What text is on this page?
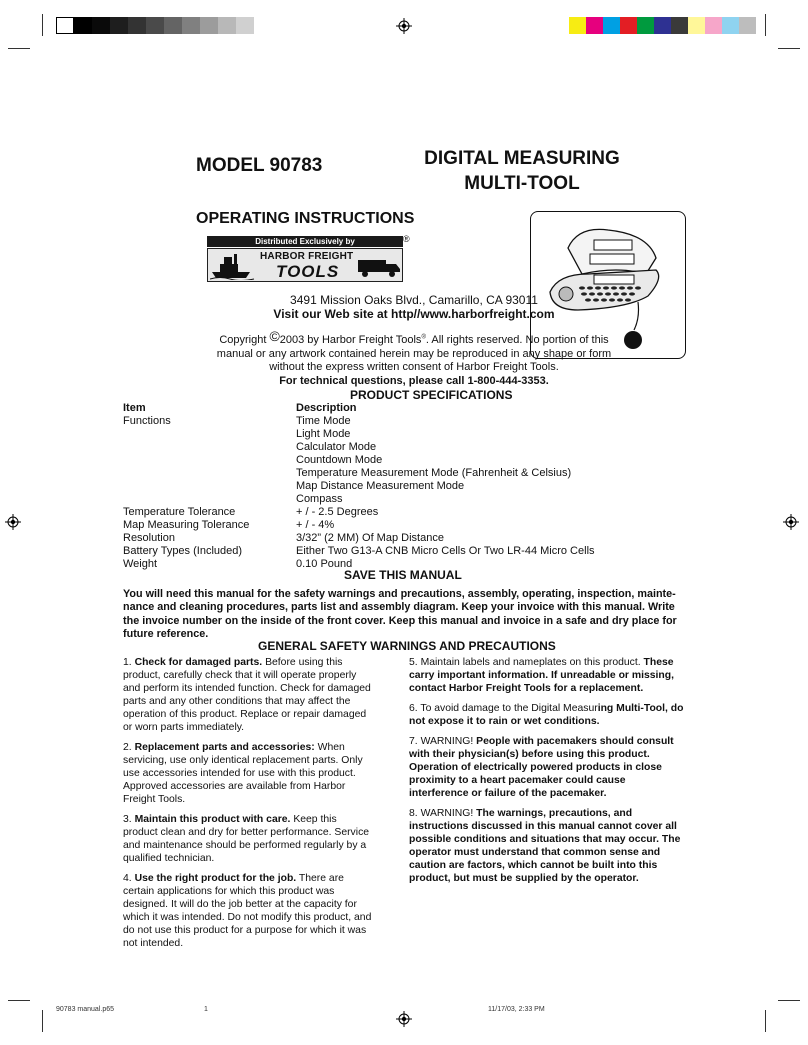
MODEL 90783	DIGITAL MEASURING
MULTI-TOOL
OPERATING INSTRUCTIONS
Distributed Exclusively by
HARBOR FREIGHT
TOOLS
®
3491 Mission Oaks Blvd., Camarillo, CA 93011
Visit our Web site at http//www.harborfreight.com
Copyright ©2003 by Harbor Freight Tools®. All rights reserved. No portion of this
manual or any artwork contained herein may be reproduced in any shape or form
without the express written consent of Harbor Freight Tools.
For technical questions, please call 1-800-444-3353.
PRODUCT SPECIFICATIONS
Item	Description
Functions	Time Mode
Light Mode
Calculator Mode
Countdown Mode
Temperature Measurement Mode (Fahrenheit & Celsius)
Map Distance Measurement Mode
Compass
Temperature Tolerance	+ / - 2.5 Degrees
Map Measuring Tolerance	+ / - 4%
Resolution	3/32” (2 MM) Of Map Distance
Battery Types (Included)	Either Two G13-A CNB Micro Cells Or Two LR-44 Micro Cells
Weight	0.10 Pound
SAVE THIS MANUAL
You will need this manual for the safety warnings and precautions, assembly, operating, inspection, mainte-
nance and cleaning procedures, parts list and assembly diagram. Keep your invoice with this manual. Write
the invoice number on the inside of the front cover. Keep this manual and invoice in a safe and dry place for
future reference.
GENERAL SAFETY WARNINGS AND PRECAUTIONS

1. Check for damaged parts. Before using this product, carefully check that it will operate properly and perform its intended function. Check for damaged parts and any other conditions that may affect the operation of this product. Replace or repair damaged or worn parts immediately.

2. Replacement parts and accessories: When servicing, use only identical replacement parts. Only use accessories intended for use with this product. Approved accessories are available from Harbor Freight Tools.

3. Maintain this product with care. Keep this product clean and dry for better performance. Service and maintenance should be performed regularly by a qualified technician.

4. Use the right product for the job. There are certain applications for which this product was designed. It will do the job better at the capacity for which it was intended. Do not modify this product, and do not use this product for a purpose for which it was not intended.

5. Maintain labels and nameplates on this product. These carry important information. If unreadable or missing, contact Harbor Freight Tools for a replacement.

6. To avoid damage to the Digital Measuring Multi-Tool, do not expose it to rain or wet conditions.

7. WARNING! People with pacemakers should consult with their physician(s) before using this product. Operation of electrically powered products in close proximity to a heart pacemaker could cause interference or failure of the pacemaker.

8. WARNING! The warnings, precautions, and instructions discussed in this manual cannot cover all possible conditions and situations that may occur. The operator must understand that common sense and caution are factors, which cannot be built into this product, but must be supplied by the operator.

90783 manual.p65	1	11/17/03, 2:33 PM
